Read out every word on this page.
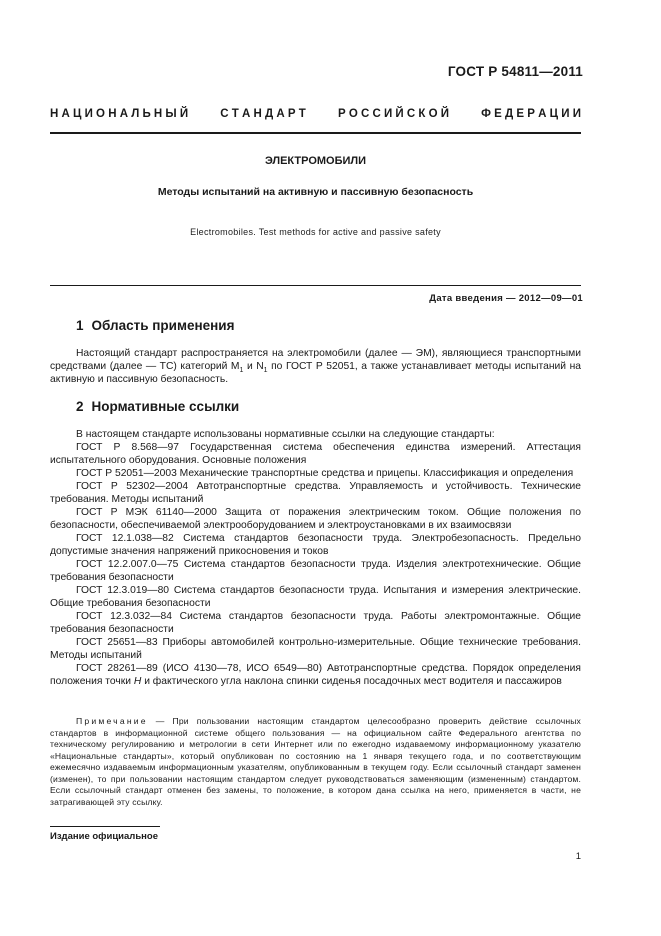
ГОСТ Р 54811—2011
Н А Ц И О Н А Л Ь Н Ы Й	С Т А Н Д А Р Т	Р О С С И Й С К О Й	Ф Е Д Е Р А Ц И И
ЭЛЕКТРОМОБИЛИ
Методы испытаний на активную и пассивную безопасность
Electromobiles. Test methods for active and passive safety
Дата введения — 2012—09—01
1 Область применения

Настоящий стандарт распространяется на электромобили (далее — ЭМ), являющиеся транспортными средствами (далее — ТС) категорий $M_1$ и $N_1$ по ГОСТ Р 52051, а также устанавливает методы испытаний на активную и пассивную безопасность.

2 Нормативные ссылки

В настоящем стандарте использованы нормативные ссылки на следующие стандарты:

ГОСТ Р 8.568—97 Государственная система обеспечения единства измерений. Аттестация испытательного оборудования. Основные положения

ГОСТ Р 52051—2003 Механические транспортные средства и прицепы. Классификация и определения

ГОСТ Р 52302—2004 Автотранспортные средства. Управляемость и устойчивость. Технические требования. Методы испытаний

ГОСТ Р МЭК 61140—2000 Защита от поражения электрическим током. Общие положения по безопасности, обеспечиваемой электрооборудованием и электроустановками в их взаимосвязи

ГОСТ 12.1.038—82 Система стандартов безопасности труда. Электробезопасность. Предельно допустимые значения напряжений прикосновения и токов

ГОСТ 12.2.007.0—75 Система стандартов безопасности труда. Изделия электротехнические. Общие требования безопасности

ГОСТ 12.3.019—80 Система стандартов безопасности труда. Испытания и измерения электрические. Общие требования безопасности

ГОСТ 12.3.032—84 Система стандартов безопасности труда. Работы электромонтажные. Общие требования безопасности

ГОСТ 25651—83 Приборы автомобилей контрольно-измерительные. Общие технические требования. Методы испытаний

ГОСТ 28261—89 (ИСО 4130—78, ИСО 6549—80) Автотранспортные средства. Порядок определения положения точки Н и фактического угла наклона спинки сиденья посадочных мест водителя и пассажиров

Примечание — При пользовании настоящим стандартом целесообразно проверить действие ссылочных стандартов в информационной системе общего пользования — на официальном сайте Федерального агентства по техническому регулированию и метрологии в сети Интернет или по ежегодно издаваемому информационному указателю «Национальные стандарты», который опубликован по состоянию на 1 января текущего года, и по соответствующим ежемесячно издаваемым информационным указателям, опубликованным в текущем году. Если ссылочный стандарт заменен (изменен), то при пользовании настоящим стандартом следует руководствоваться заменяющим (измененным) стандартом. Если ссылочный стандарт отменен без замены, то положение, в котором дана ссылка на него, применяется в части, не затрагивающей эту ссылку.

Издание официальное
1
